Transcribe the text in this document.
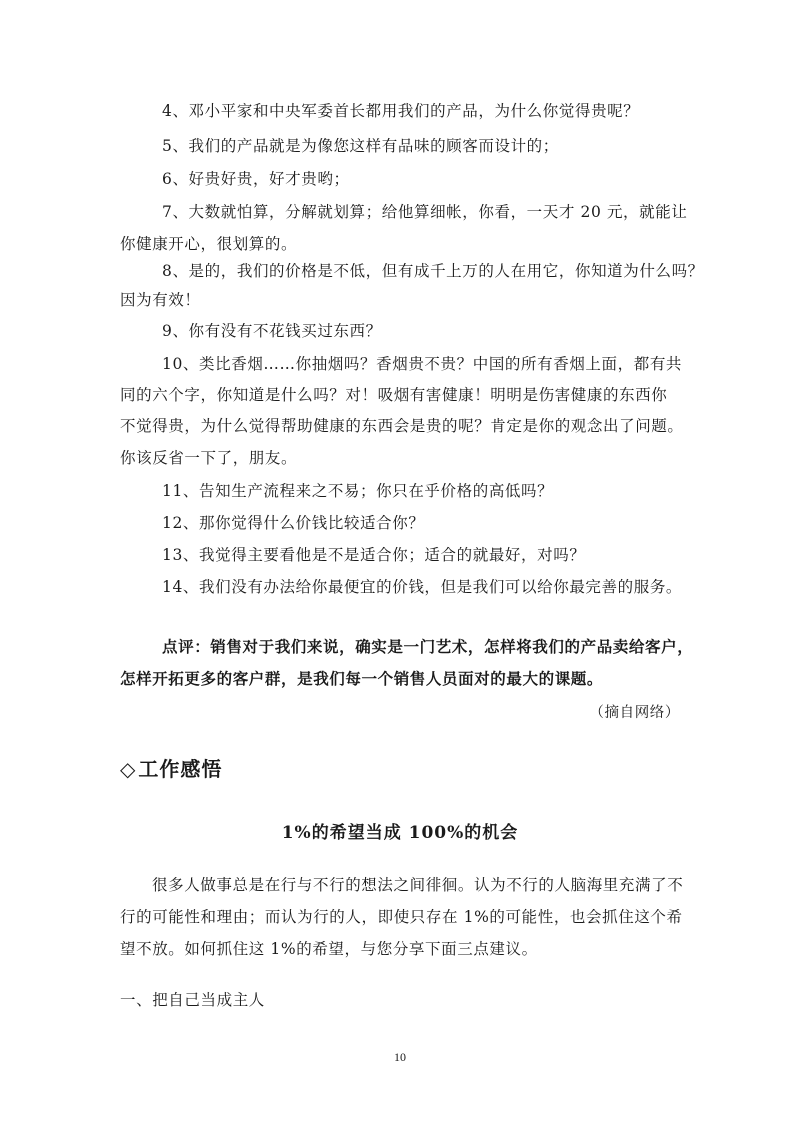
4、邓小平家和中央军委首长都用我们的产品，为什么你觉得贵呢？
5、我们的产品就是为像您这样有品味的顾客而设计的；
6、好贵好贵，好才贵哟；
7、大数就怕算，分解就划算；给他算细帐，你看，一天才 20 元，就能让
你健康开心，很划算的。
8、是的，我们的价格是不低，但有成千上万的人在用它，你知道为什么吗？
因为有效！
9、你有没有不花钱买过东西？
10、类比香烟……你抽烟吗？香烟贵不贵？中国的所有香烟上面，都有共
同的六个字，你知道是什么吗？对！吸烟有害健康！明明是伤害健康的东西你
不觉得贵，为什么觉得帮助健康的东西会是贵的呢？肯定是你的观念出了问题。
你该反省一下了，朋友。
11、告知生产流程来之不易；你只在乎价格的高低吗？
12、那你觉得什么价钱比较适合你？
13、我觉得主要看他是不是适合你；适合的就最好，对吗？
14、我们没有办法给你最便宜的价钱，但是我们可以给你最完善的服务。
点评：销售对于我们来说，确实是一门艺术，怎样将我们的产品卖给客户，
怎样开拓更多的客户群，是我们每一个销售人员面对的最大的课题。
（摘自网络）
◇ 工作感悟
1%的希望当成 100%的机会
很多人做事总是在行与不行的想法之间徘徊。认为不行的人脑海里充满了不
行的可能性和理由；而认为行的人，即使只存在 1%的可能性，也会抓住这个希
望不放。如何抓住这 1%的希望，与您分享下面三点建议。
一、把自己当成主人
10
